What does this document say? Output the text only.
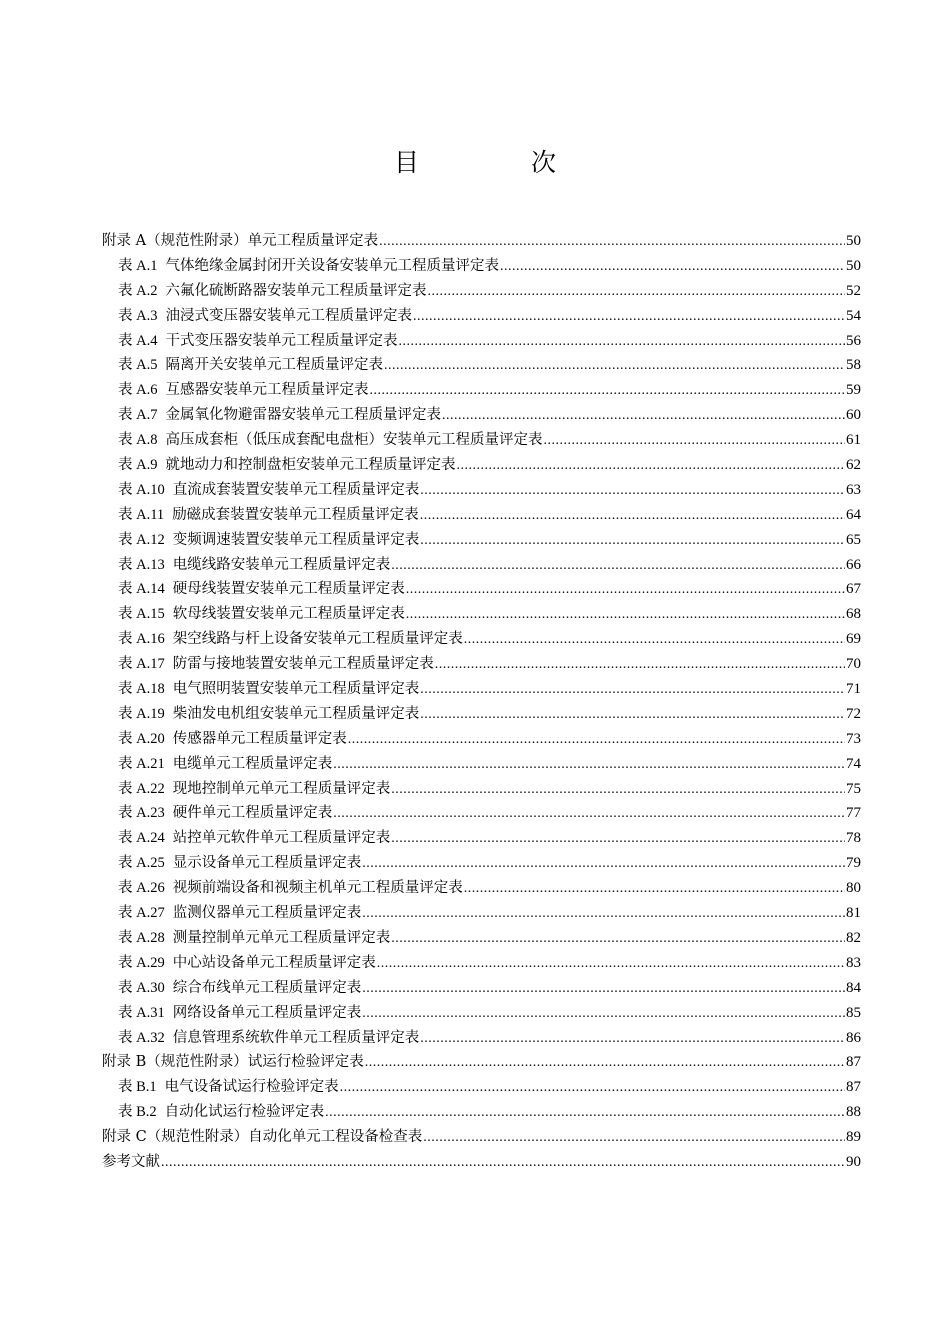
目 次
附录 A（规范性附录）单元工程质量评定表 .....	50
表 A.1 气体绝缘金属封闭开关设备安装单元工程质量评定表 .....	50
表 A.2 六氟化硫断路器安装单元工程质量评定表 .....	52
表 A.3 油浸式变压器安装单元工程质量评定表 .....	54
表 A.4 干式变压器安装单元工程质量评定表 .....	56
表 A.5 隔离开关安装单元工程质量评定表 .....	58
表 A.6 互感器安装单元工程质量评定表 .....	59
表 A.7 金属氧化物避雷器安装单元工程质量评定表 .....	60
表 A.8 高压成套柜（低压成套配电盘柜）安装单元工程质量评定表 .....	61
表 A.9 就地动力和控制盘柜安装单元工程质量评定表 .....	62
表 A.10 直流成套装置安装单元工程质量评定表 .....	63
表 A.11 励磁成套装置安装单元工程质量评定表 .....	64
表 A.12 变频调速装置安装单元工程质量评定表 .....	65
表 A.13 电缆线路安装单元工程质量评定表 .....	66
表 A.14 硬母线装置安装单元工程质量评定表 .....	67
表 A.15 软母线装置安装单元工程质量评定表 .....	68
表 A.16 架空线路与杆上设备安装单元工程质量评定表 .....	69
表 A.17 防雷与接地装置安装单元工程质量评定表 .....	70
表 A.18 电气照明装置安装单元工程质量评定表 .....	71
表 A.19 柴油发电机组安装单元工程质量评定表 .....	72
表 A.20 传感器单元工程质量评定表 .....	73
表 A.21 电缆单元工程质量评定表 .....	74
表 A.22 现地控制单元单元工程质量评定表 .....	75
表 A.23 硬件单元工程质量评定表 .....	77
表 A.24 站控单元软件单元工程质量评定表 .....	78
表 A.25 显示设备单元工程质量评定表 .....	79
表 A.26 视频前端设备和视频主机单元工程质量评定表 .....	80
表 A.27 监测仪器单元工程质量评定表 .....	81
表 A.28 测量控制单元单元工程质量评定表 .....	82
表 A.29 中心站设备单元工程质量评定表 .....	83
表 A.30 综合布线单元工程质量评定表 .....	84
表 A.31 网络设备单元工程质量评定表 .....	85
表 A.32 信息管理系统软件单元工程质量评定表 .....	86
附录 B（规范性附录）试运行检验评定表 .....	87
表 B.1 电气设备试运行检验评定表 .....	87
表 B.2 自动化试运行检验评定表 .....	88
附录 C（规范性附录）自动化单元工程设备检查表 .....	89
参考文献 .....	90
